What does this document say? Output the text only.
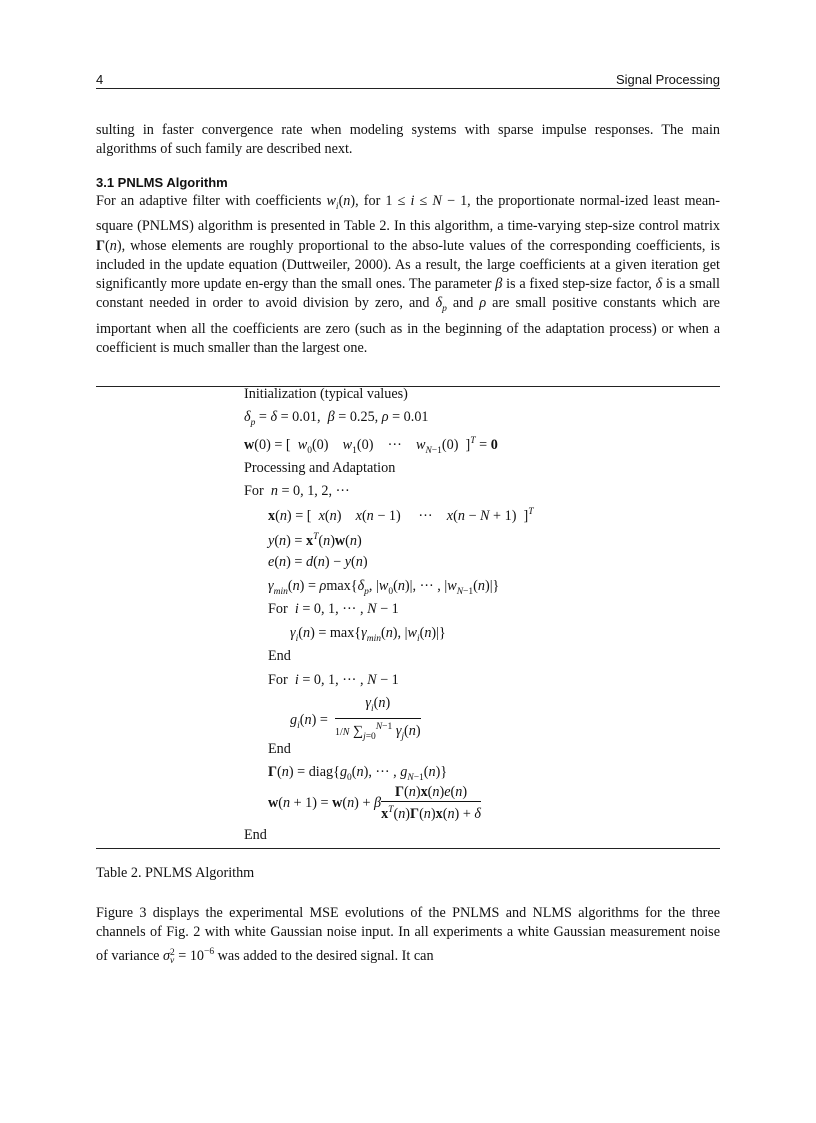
4	Signal Processing

sulting in faster convergence rate when modeling systems with sparse impulse responses. The main algorithms of such family are described next.

3.1 PNLMS Algorithm

For an adaptive filter with coefficients $w_i(n)$, for 1 ≤ i ≤ N − 1, the proportionate normal-ized least mean-square (PNLMS) algorithm is presented in Table 2. In this algorithm, a time-varying step-size control matrix Γ(n), whose elements are roughly proportional to the abso-lute values of the corresponding coefficients, is included in the update equation (Duttweiler, 2000). As a result, the large coefficients at a given iteration get significantly more update en-ergy than the small ones. The parameter β is a fixed step-size factor, δ is a small constant needed in order to avoid division by zero, and $\delta_p$ and ρ are small positive constants which are important when all the coefficients are zero (such as in the beginning of the adaptation process) or when a coefficient is much smaller than the largest one.

Initialization (typical values)
$\delta_p = \delta = 0.01$,  β = 0.25, ρ = 0.01
w(0) = [  $w_0(0)$    $w_1(0)$    ···    $w_{N-1}(0) ]^T = 0$
Processing and Adaptation
For n = 0, 1, 2, ···
x(n) = [  x(n)    x(n − 1)     ···    x(n − N + 1)  ]$^T$
$y(n) = x^T(n)w(n)$
e(n) = d(n) − y(n)
$\gamma_{min}(n) = \rho\max\{\delta_p$, $|w_0(n)|$, ··· , $|w_{N-1}(n)|$}
For i = 0, 1, ··· , N − 1
$\gamma_i(n) = \max\{\gamma_{min}(n)$, $|w_i(n)|$}
End
For i = 0, 1, ··· , N − 1
$g_i(n) = \frac{\gamma_i(n)}{1/N \sum_{j=0}^{N-1} \gamma_j(n)}$
End
$\Gamma(n) = diag\{g_0(n)$, ··· , $g_{N-1}(n)$}
w(n + 1) = w(n) + β $\frac{\Gamma(n)x(n)e(n)}{x^T(n)\Gamma(n)x(n) + \delta}$
End
Table 2. PNLMS Algorithm

Figure 3 displays the experimental MSE evolutions of the PNLMS and NLMS algorithms for the three channels of Fig. 2 with white Gaussian noise input. In all experiments a white Gaussian measurement noise of variance σ 2
$v = 10^{-6}$ was added to the desired signal. It can
